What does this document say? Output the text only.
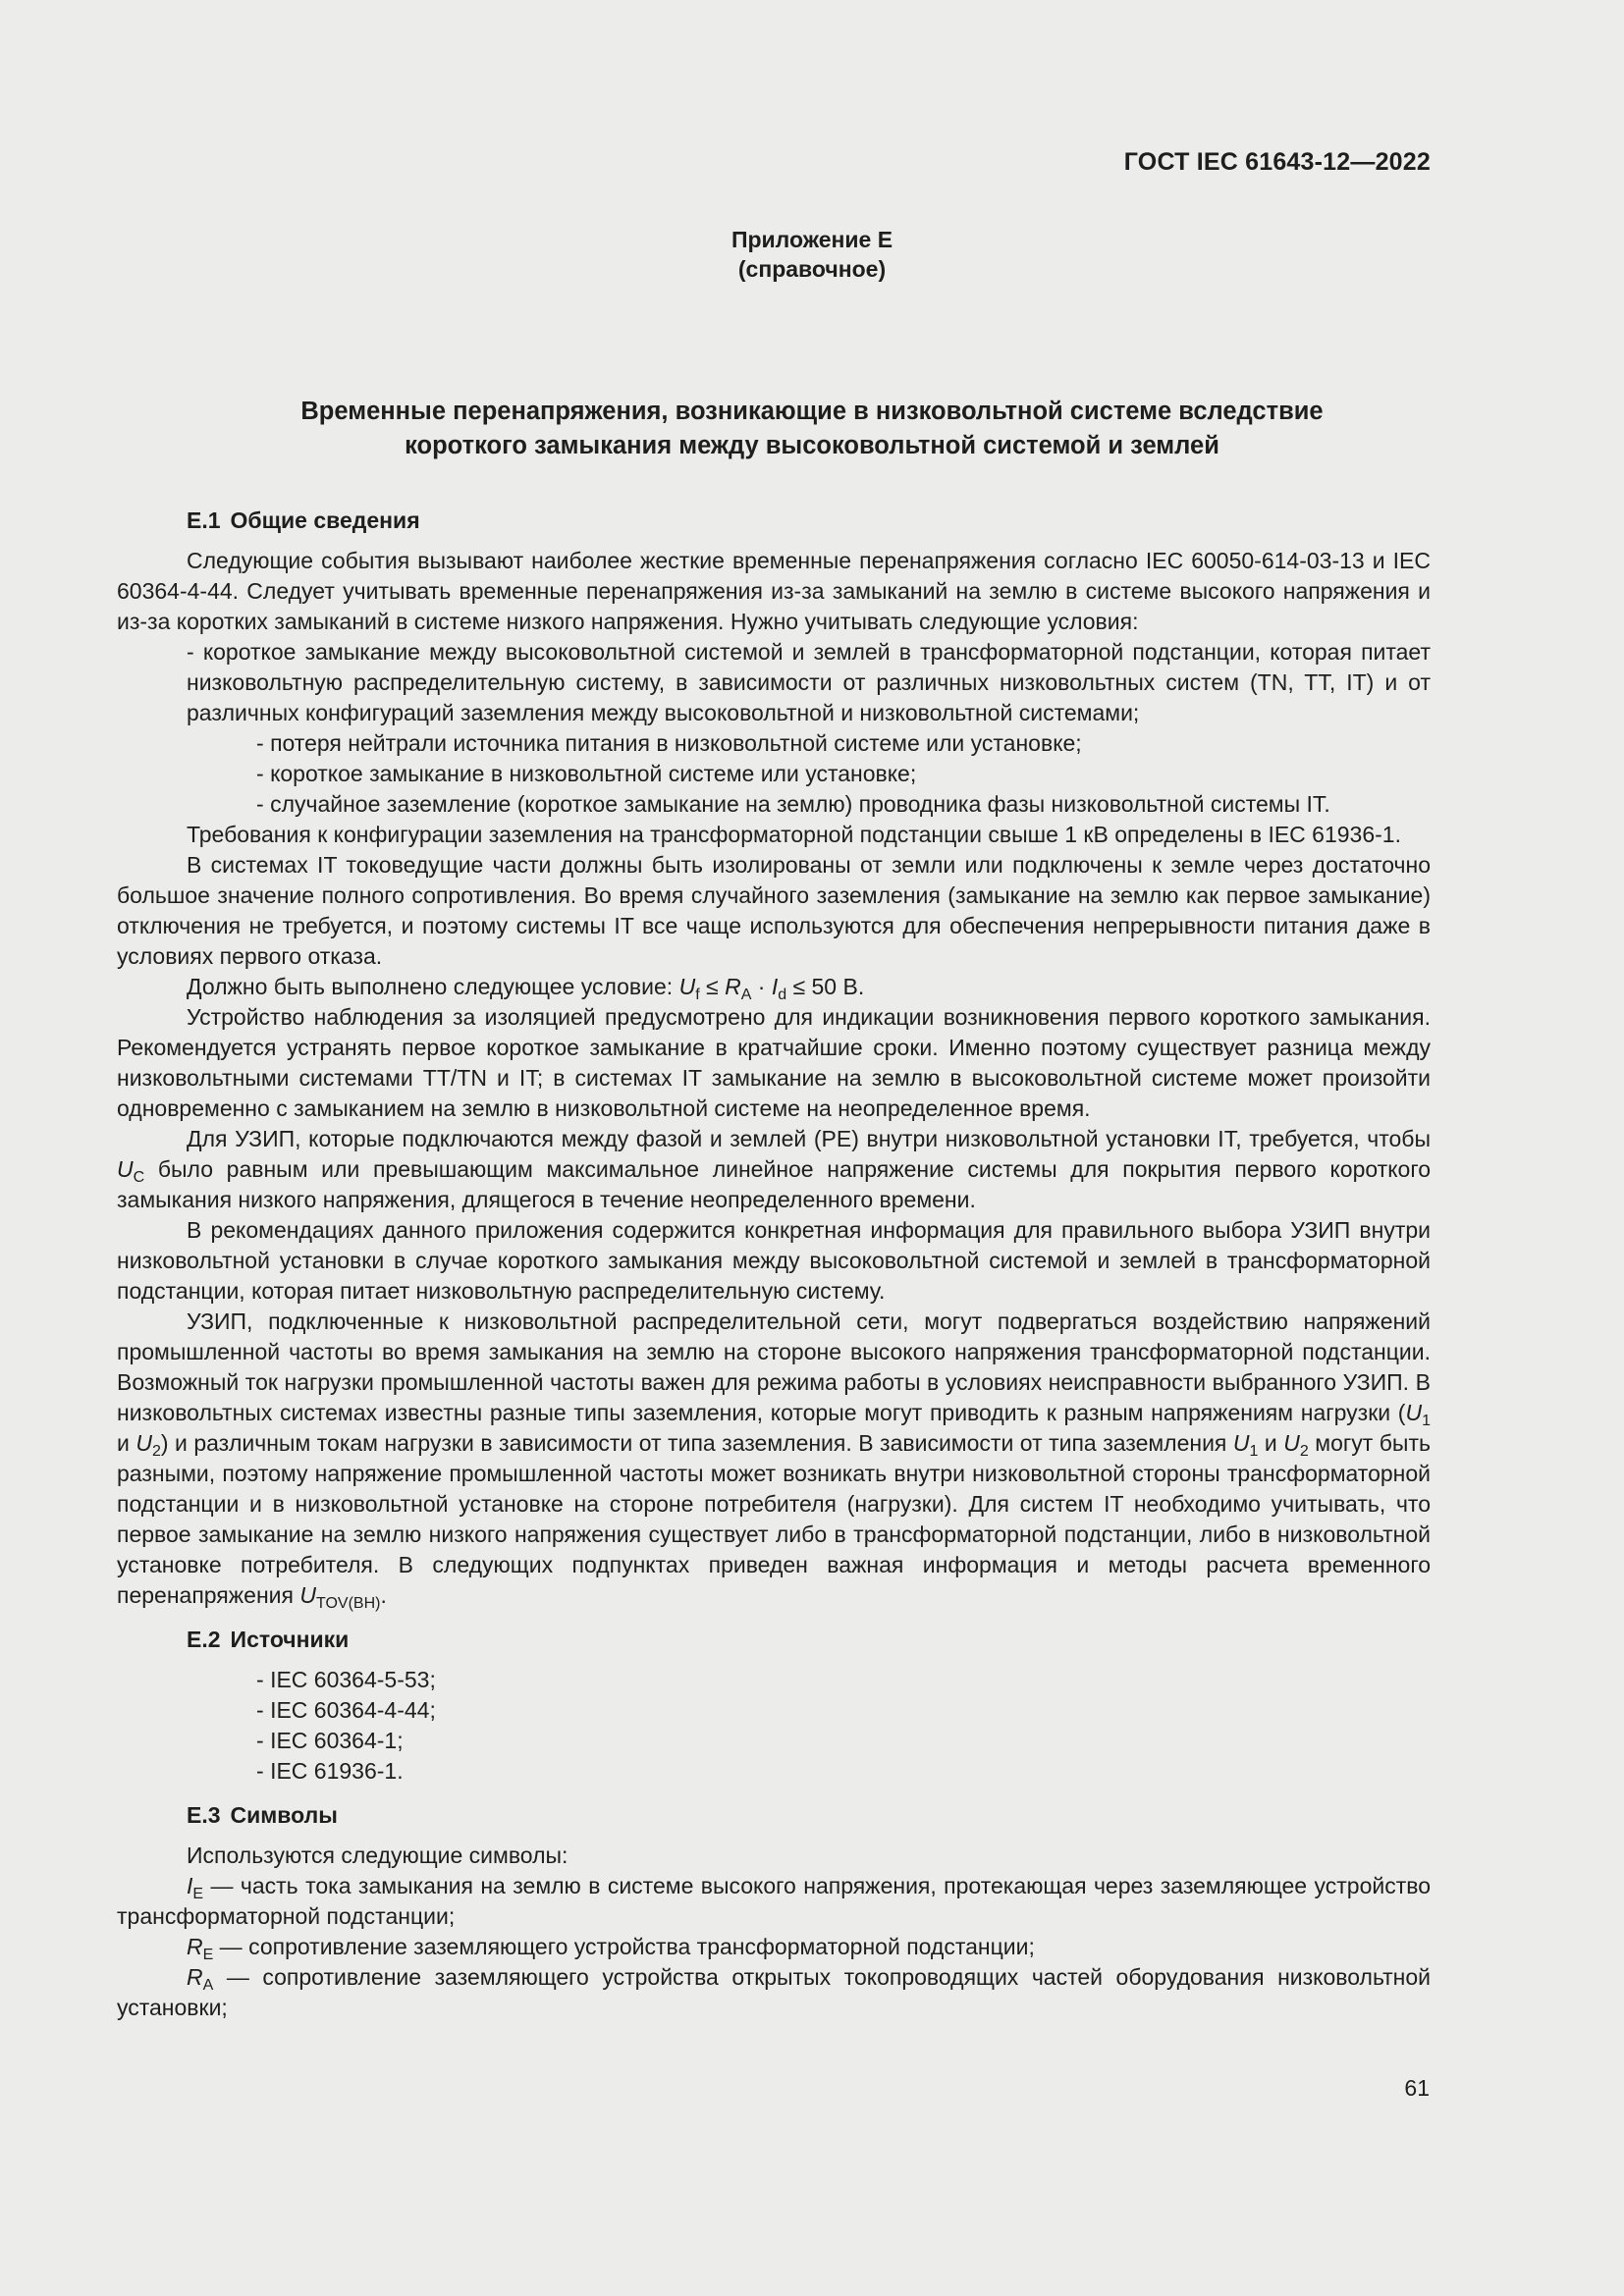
ГОСТ IEC 61643-12—2022
Приложение Е
(справочное)
Временные перенапряжения, возникающие в низковольтной системе вследствие
короткого замыкания между высоковольтной системой и землей
Е.1 Общие сведения

Следующие события вызывают наиболее жесткие временные перенапряжения согласно IEC 60050-614-03-13 и IEC 60364-4-44. Следует учитывать временные перенапряжения из-за замыканий на землю в системе высокого напряжения и из-за коротких замыканий в системе низкого напряжения. Нужно учитывать следующие условия:

- короткое замыкание между высоковольтной системой и землей в трансформаторной подстанции, которая питает низковольтную распределительную систему, в зависимости от различных низковольтных систем (TN, TT, IT) и от различных конфигураций заземления между высоковольтной и низковольтной системами;

- потеря нейтрали источника питания в низковольтной системе или установке;

- короткое замыкание в низковольтной системе или установке;

- случайное заземление (короткое замыкание на землю) проводника фазы низковольтной системы IT.

Требования к конфигурации заземления на трансформаторной подстанции свыше 1 кВ определены в IEC 61936-1.

В системах IT токоведущие части должны быть изолированы от земли или подключены к земле через достаточно большое значение полного сопротивления. Во время случайного заземления (замыкание на землю как первое замыкание) отключения не требуется, и поэтому системы IT все чаще используются для обеспечения непрерывности питания даже в условиях первого отказа.

Должно быть выполнено следующее условие: $U_f \le R_A \cdot I_d \le 50$ В.

Устройство наблюдения за изоляцией предусмотрено для индикации возникновения первого короткого замыкания. Рекомендуется устранять первое короткое замыкание в кратчайшие сроки. Именно поэтому существует разница между низковольтными системами TT/TN и IT; в системах IT замыкание на землю в высоковольтной системе может произойти одновременно с замыканием на землю в низковольтной системе на неопределенное время.

Для УЗИП, которые подключаются между фазой и землей (PE) внутри низковольтной установки IT, требуется, чтобы $U_C$ было равным или превышающим максимальное линейное напряжение системы для покрытия первого короткого замыкания низкого напряжения, длящегося в течение неопределенного времени.

В рекомендациях данного приложения содержится конкретная информация для правильного выбора УЗИП внутри низковольтной установки в случае короткого замыкания между высоковольтной системой и землей в трансформаторной подстанции, которая питает низковольтную распределительную систему.

УЗИП, подключенные к низковольтной распределительной сети, могут подвергаться воздействию напряжений промышленной частоты во время замыкания на землю на стороне высокого напряжения трансформаторной подстанции. Возможный ток нагрузки промышленной частоты важен для режима работы в условиях неисправности выбранного УЗИП. В низковольтных системах известны разные типы заземления, которые могут приводить к разным напряжениям нагрузки ($U_1$ и $U_2$) и различным токам нагрузки в зависимости от типа заземления. В зависимости от типа заземления $U_1$ и $U_2$ могут быть разными, поэтому напряжение промышленной частоты может возникать внутри низковольтной стороны трансформаторной подстанции и в низковольтной установке на стороне потребителя (нагрузки). Для систем IT необходимо учитывать, что первое замыкание на землю низкого напряжения существует либо в трансформаторной подстанции, либо в низковольтной установке потребителя. В следующих подпунктах приведен важная информация и методы расчета временного перенапряжения $U_{TOV(BH)}$.

Е.2 Источники

- IEC 60364-5-53;

- IEC 60364-4-44;

- IEC 60364-1;

- IEC 61936-1.

Е.3 Символы

Используются следующие символы:

$I_E$ — часть тока замыкания на землю в системе высокого напряжения, протекающая через заземляющее устройство трансформаторной подстанции;

$R_E$ — сопротивление заземляющего устройства трансформаторной подстанции;

$R_A$ — сопротивление заземляющего устройства открытых токопроводящих частей оборудования низковольтной установки;

61
